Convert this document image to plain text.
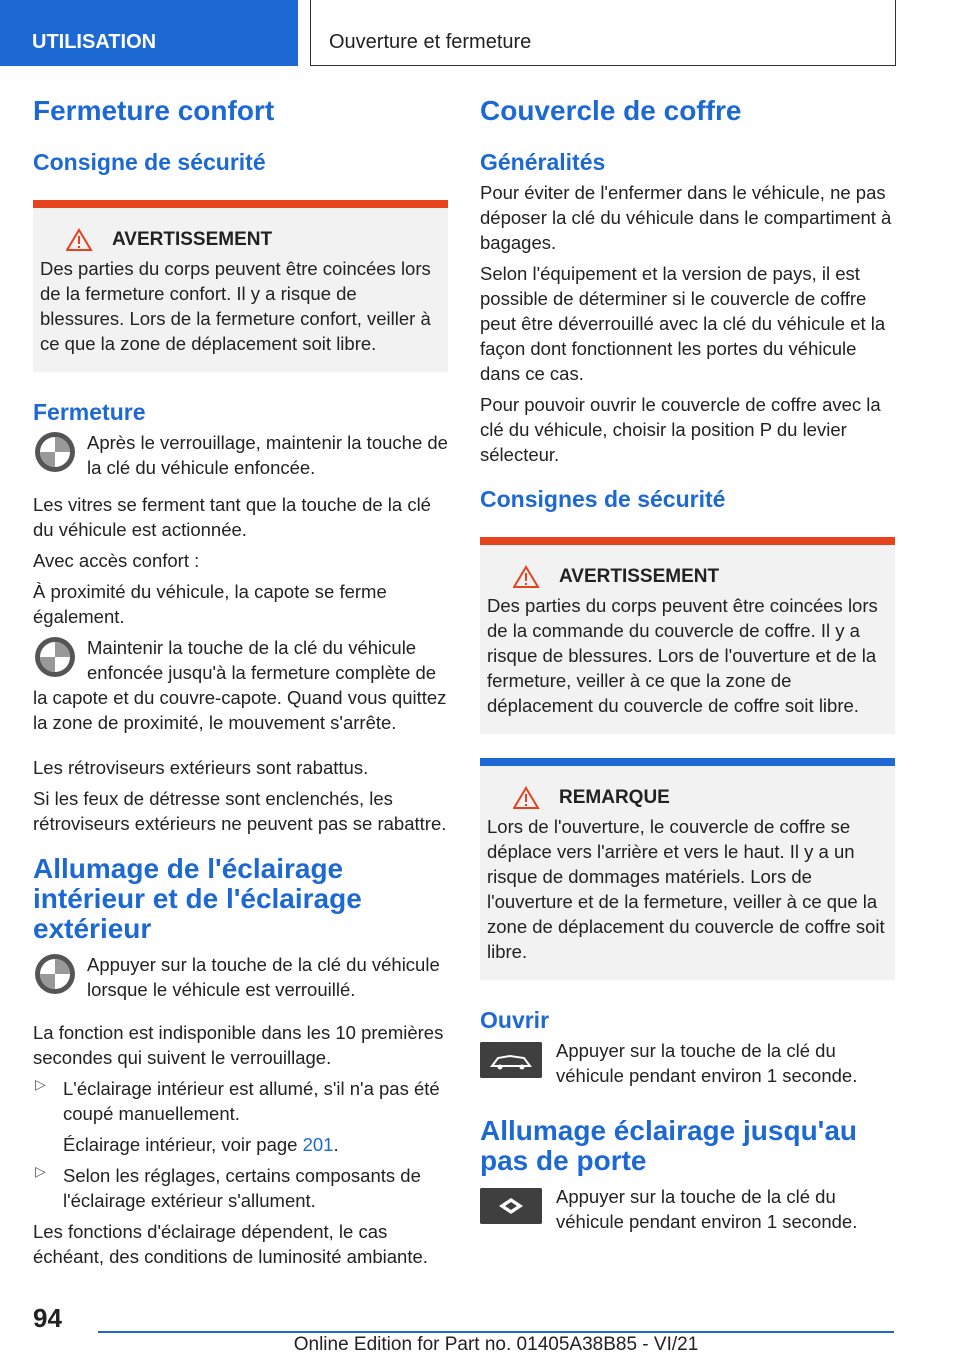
UTILISATION	Ouverture et fermeture
Fermeture confort
Consigne de sécurité
AVERTISSEMENT

Des parties du corps peuvent être coincées lors de la fermeture confort. Il y a risque de blessures. Lors de la fermeture confort, veiller à ce que la zone de déplacement soit libre.

Fermeture

Après le verrouillage, maintenir la touche de la clé du véhicule enfoncée.

Les vitres se ferment tant que la touche de la clé du véhicule est actionnée.

Avec accès confort :

À proximité du véhicule, la capote se ferme également.

Maintenir la touche de la clé du véhicule enfoncée jusqu'à la fermeture complète de la capote et du couvre-capote. Quand vous quittez la zone de proximité, le mouvement s'arrête.

Les rétroviseurs extérieurs sont rabattus.

Si les feux de détresse sont enclenchés, les rétroviseurs extérieurs ne peuvent pas se rabattre.

Allumage de l'éclairage intérieur et de l'éclairage extérieur

Appuyer sur la touche de la clé du véhicule lorsque le véhicule est verrouillé.

La fonction est indisponible dans les 10 premières secondes qui suivent le verrouillage.

▷ L'éclairage intérieur est allumé, s'il n'a pas été coupé manuellement.

Éclairage intérieur, voir page 201.

▷ Selon les réglages, certains composants de l'éclairage extérieur s'allument.

Les fonctions d'éclairage dépendent, le cas échéant, des conditions de luminosité ambiante.

Couvercle de coffre
Généralités

Pour éviter de l'enfermer dans le véhicule, ne pas déposer la clé du véhicule dans le compartiment à bagages.

Selon l'équipement et la version de pays, il est possible de déterminer si le couvercle de coffre peut être déverrouillé avec la clé du véhicule et la façon dont fonctionnent les portes du véhicule dans ce cas.

Pour pouvoir ouvrir le couvercle de coffre avec la clé du véhicule, choisir la position P du levier sélecteur.

Consignes de sécurité
AVERTISSEMENT

Des parties du corps peuvent être coincées lors de la commande du couvercle de coffre. Il y a risque de blessures. Lors de l'ouverture et de la fermeture, veiller à ce que la zone de déplacement du couvercle de coffre soit libre.

REMARQUE

Lors de l'ouverture, le couvercle de coffre se déplace vers l'arrière et vers le haut. Il y a un risque de dommages matériels. Lors de l'ouverture et de la fermeture, veiller à ce que la zone de déplacement du couvercle de coffre soit libre.

Ouvrir

Appuyer sur la touche de la clé du véhicule pendant environ 1 seconde.

Allumage éclairage jusqu'au pas de porte

Appuyer sur la touche de la clé du véhicule pendant environ 1 seconde.

94
Online Edition for Part no. 01405A38B85 - VI/21
